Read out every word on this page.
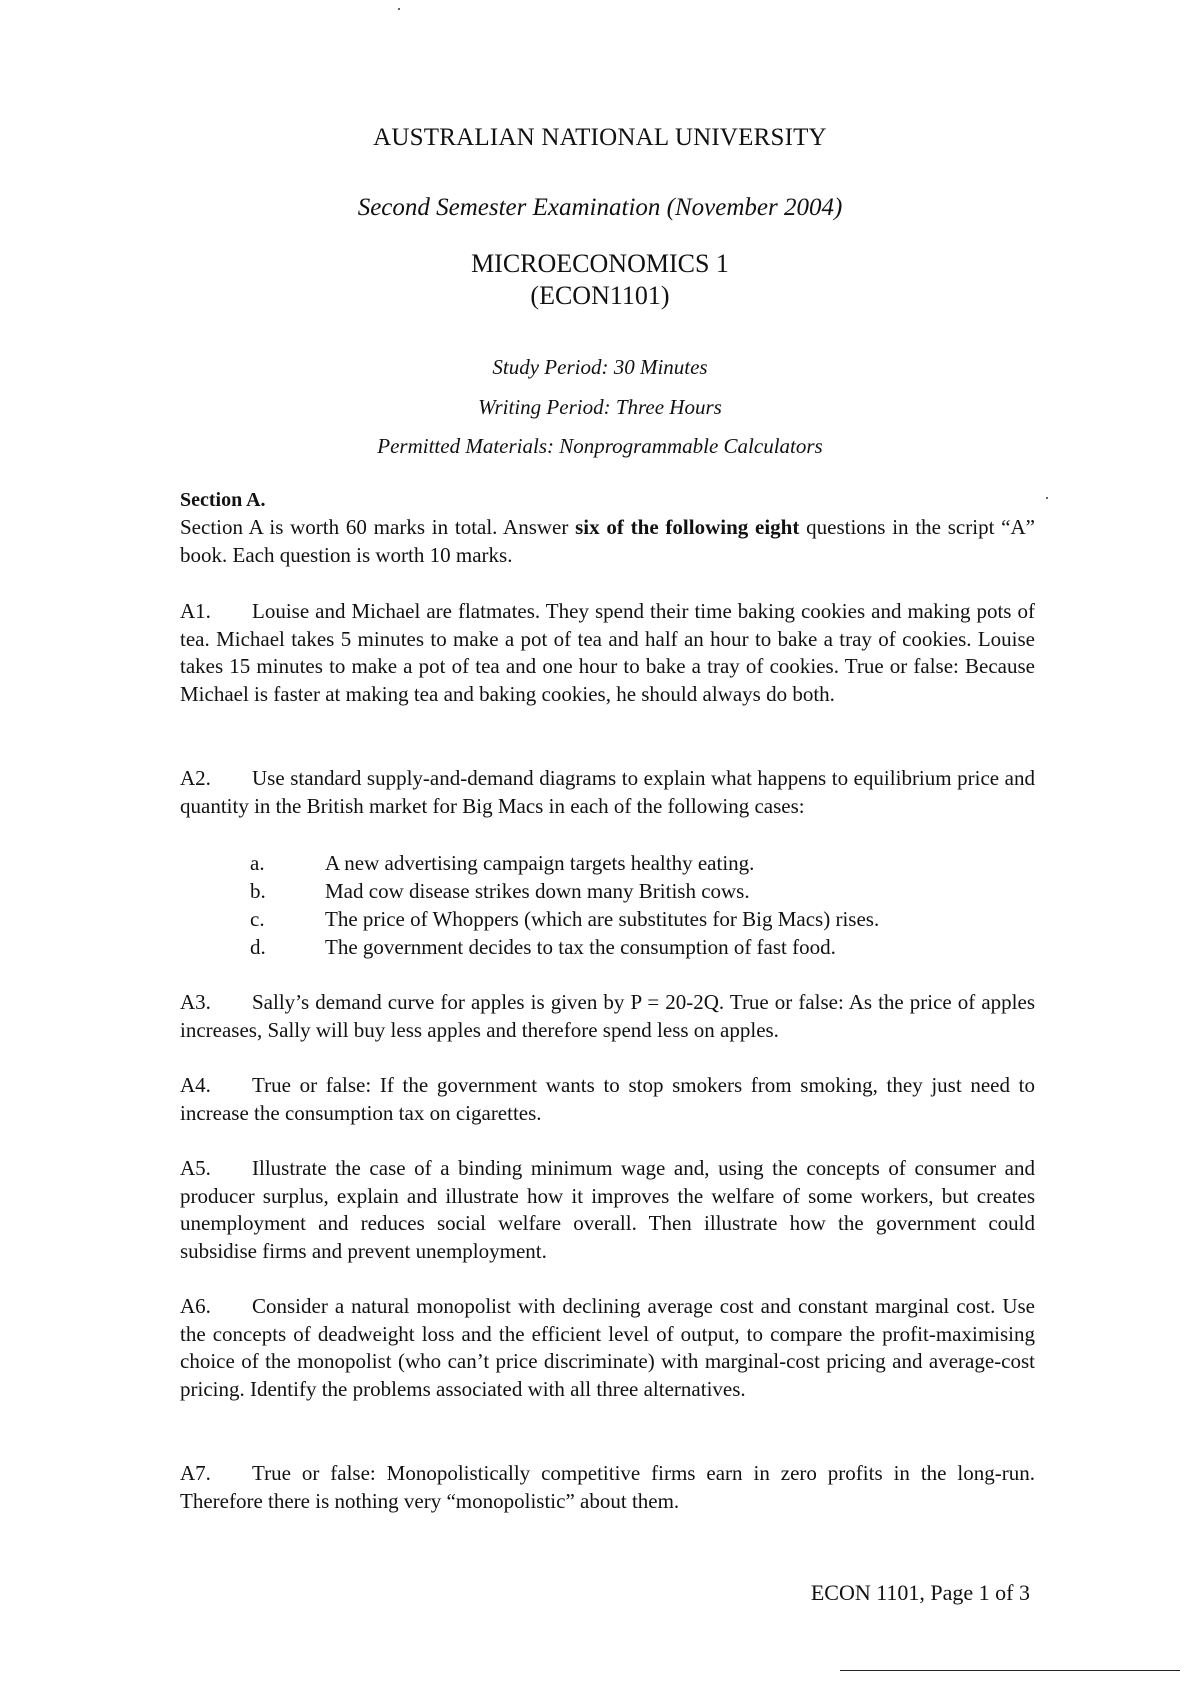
AUSTRALIAN NATIONAL UNIVERSITY
Second Semester Examination (November 2004)
MICROECONOMICS 1
(ECON1101)
Study Period: 30 Minutes
Writing Period: Three Hours
Permitted Materials: Nonprogrammable Calculators
Section A.
Section A is worth 60 marks in total. Answer six of the following eight questions in the script “A” book. Each question is worth 10 marks.
A1. Louise and Michael are flatmates. They spend their time baking cookies and making pots of tea. Michael takes 5 minutes to make a pot of tea and half an hour to bake a tray of cookies. Louise takes 15 minutes to make a pot of tea and one hour to bake a tray of cookies. True or false: Because Michael is faster at making tea and baking cookies, he should always do both.
A2. Use standard supply-and-demand diagrams to explain what happens to equilibrium price and quantity in the British market for Big Macs in each of the following cases:
a.	A new advertising campaign targets healthy eating.
b.	Mad cow disease strikes down many British cows.
c.	The price of Whoppers (which are substitutes for Big Macs) rises.
d.	The government decides to tax the consumption of fast food.
A3. Sally’s demand curve for apples is given by P = 20-2Q. True or false: As the price of apples increases, Sally will buy less apples and therefore spend less on apples.
A4. True or false: If the government wants to stop smokers from smoking, they just need to increase the consumption tax on cigarettes.
A5. Illustrate the case of a binding minimum wage and, using the concepts of consumer and producer surplus, explain and illustrate how it improves the welfare of some workers, but creates unemployment and reduces social welfare overall. Then illustrate how the government could subsidise firms and prevent unemployment.
A6. Consider a natural monopolist with declining average cost and constant marginal cost. Use the concepts of deadweight loss and the efficient level of output, to compare the profit-maximising choice of the monopolist (who can’t price discriminate) with marginal-cost pricing and average-cost pricing. Identify the problems associated with all three alternatives.
A7. True or false: Monopolistically competitive firms earn in zero profits in the long-run. Therefore there is nothing very “monopolistic” about them.
ECON 1101, Page 1 of 3
